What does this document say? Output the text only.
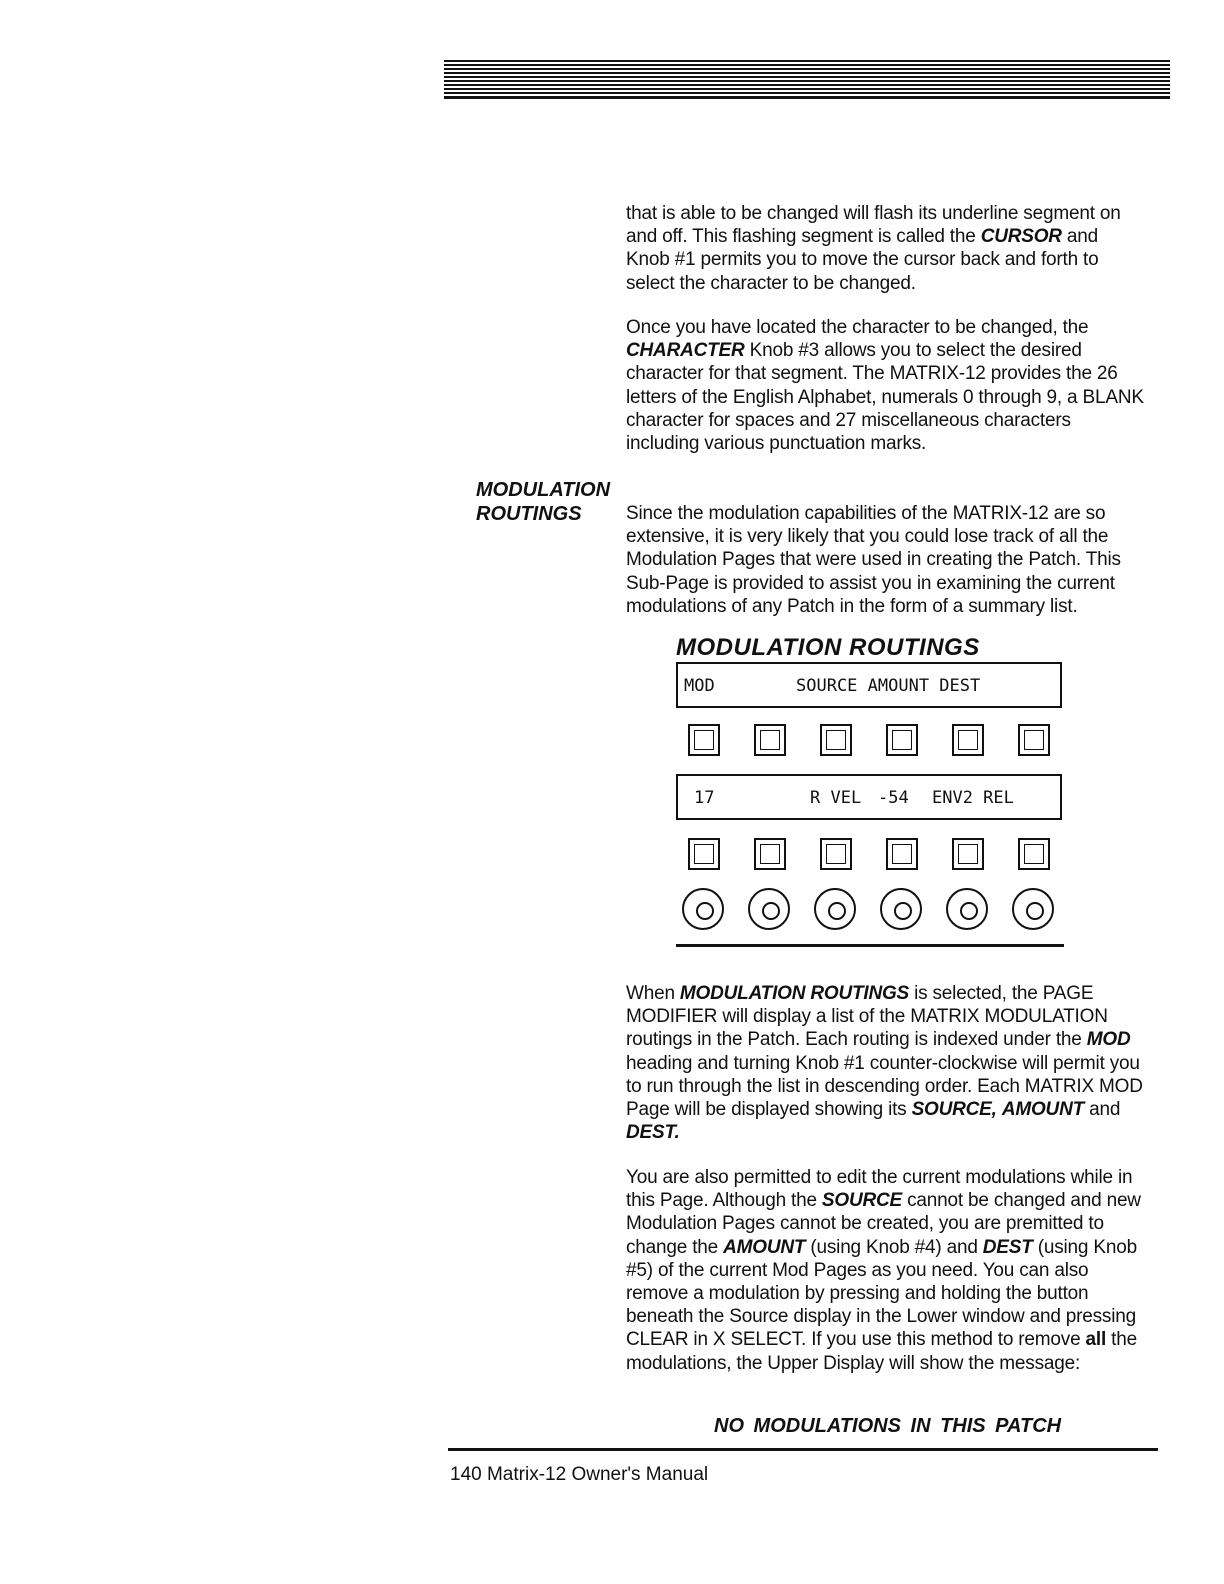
that is able to be changed will flash its underline segment on and off. This flashing segment is called the CURSOR and Knob #1 permits you to move the cursor back and forth to select the character to be changed.
Once you have located the character to be changed, the CHARACTER Knob #3 allows you to select the desired character for that segment. The MATRIX-12 provides the 26 letters of the English Alphabet, numerals 0 through 9, a BLANK character for spaces and 27 miscellaneous characters including various punctuation marks.
MODULATION
ROUTINGS	Since the modulation capabilities of the MATRIX-12 are so extensive, it is very likely that you could lose track of all the Modulation Pages that were used in creating the Patch. This Sub-Page is provided to assist you in examining the current modulations of any Patch in the form of a summary list.
MODULATION ROUTINGS
MOD	SOURCE AMOUNT DEST
17	R VEL -54 ENV2 REL
When MODULATION ROUTINGS is selected, the PAGE MODIFIER will display a list of the MATRIX MODULATION routings in the Patch. Each routing is indexed under the MOD heading and turning Knob #1 counter-clockwise will permit you to run through the list in descending order. Each MATRIX MOD Page will be displayed showing its SOURCE, AMOUNT and DEST.
You are also permitted to edit the current modulations while in this Page. Although the SOURCE cannot be changed and new Modulation Pages cannot be created, you are premitted to change the AMOUNT (using Knob #4) and DEST (using Knob #5) of the current Mod Pages as you need. You can also remove a modulation by pressing and holding the button beneath the Source display in the Lower window and pressing CLEAR in X SELECT. If you use this method to remove all the modulations, the Upper Display will show the message:
NO MODULATIONS IN THIS PATCH
140 Matrix-12 Owner's Manual
